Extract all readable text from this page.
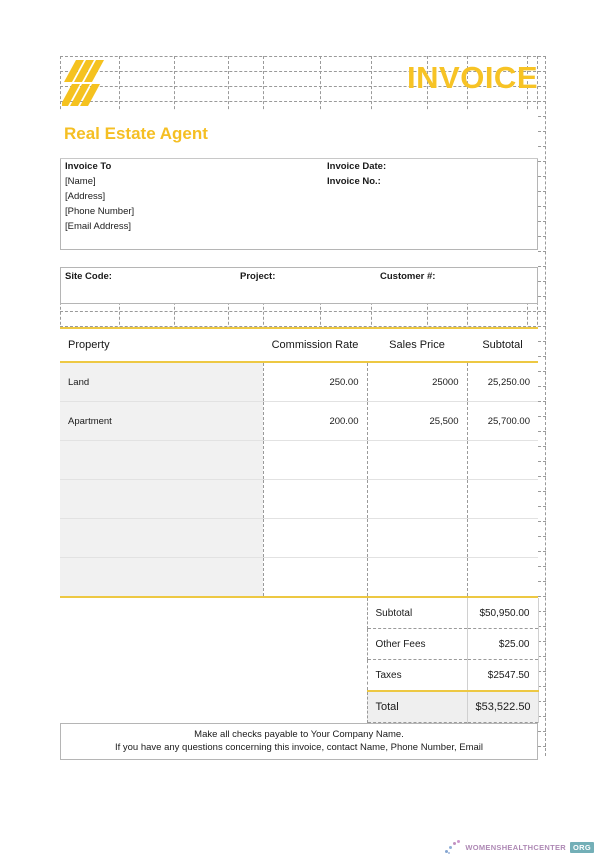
INVOICE
Real Estate Agent
Invoice To	Invoice Date:
[Name]	Invoice No.:
[Address]
[Phone Number]
[Email Address]
Site Code:	Project:	Customer #:
Property	Commission Rate	Sales Price	Subtotal
Land	250.00	25000	25,250.00
Apartment	200.00	25,500	25,700.00

	Subtotal	$50,950.00
	Other Fees	$25.00
	Taxes	$2547.50
	Total	$53,522.50
Make all checks payable to Your Company Name.
If you have any questions concerning this invoice, contact Name, Phone Number, Email
WOMENSHEALTHCENTER ORG
